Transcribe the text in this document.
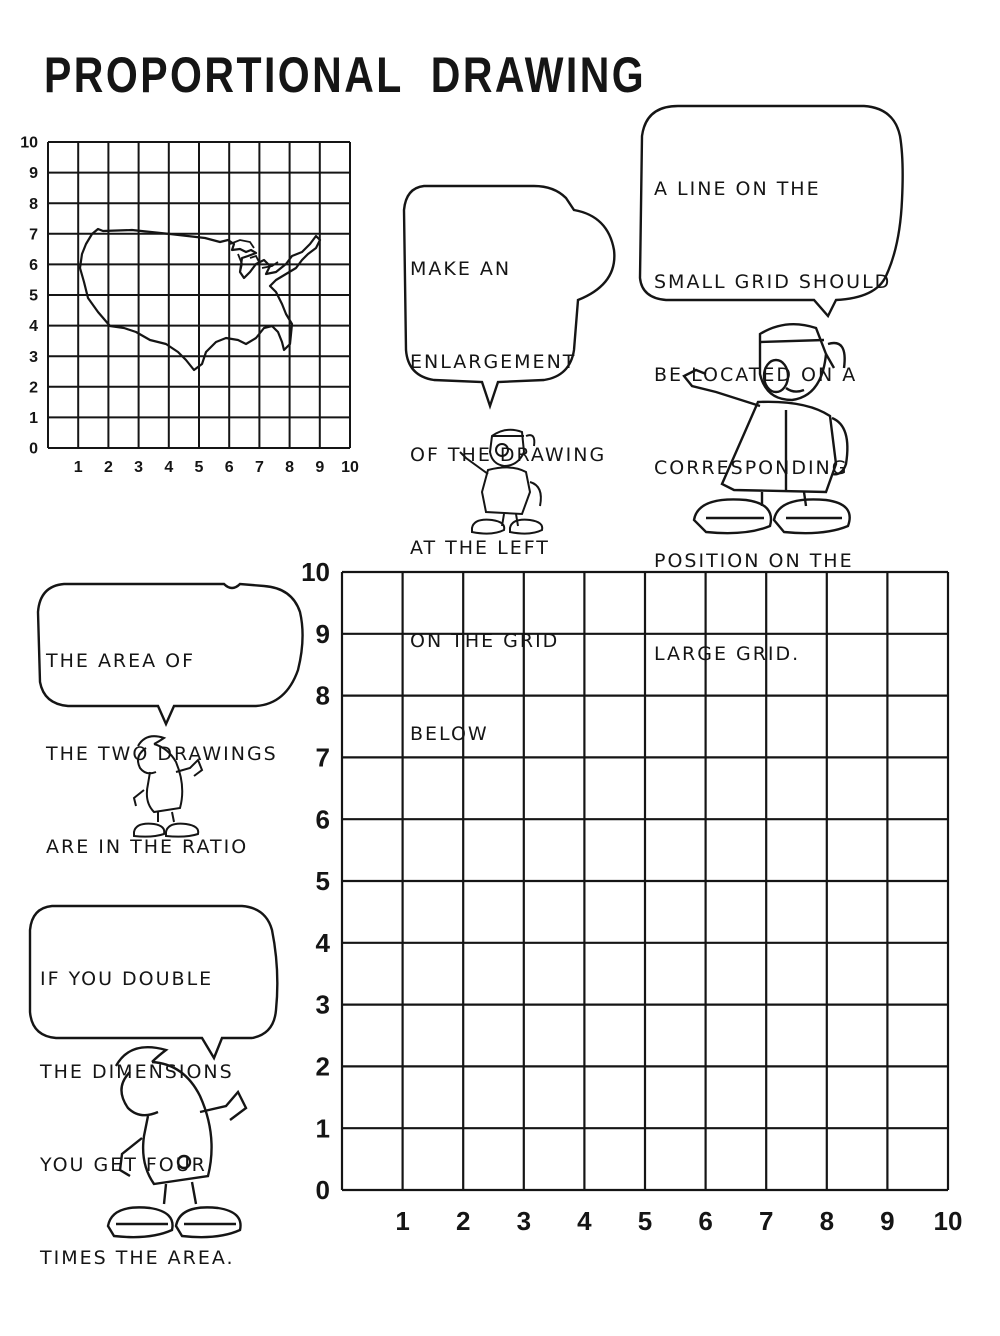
PROPORTIONAL  DRAWING
10
9
8
7
6
5
4
3
2
1
0
1 2 3 4 5 6 7 8 9 10
10
9
8
7
6
5
4
3
2
1
0
1 2 3 4 5 6 7 8 9 10

MAKE AN

ENLARGEMENT

OF THE DRAWING

AT THE LEFT

ON THE GRID

BELOW

A LINE ON THE

SMALL GRID SHOULD

BE LOCATED ON A

CORRESPONDING

POSITION ON THE

LARGE GRID.

THE AREA OF

THE TWO DRAWINGS

ARE IN THE RATIO

IF YOU DOUBLE

THE DIMENSIONS

YOU GET FOUR

TIMES THE AREA.
